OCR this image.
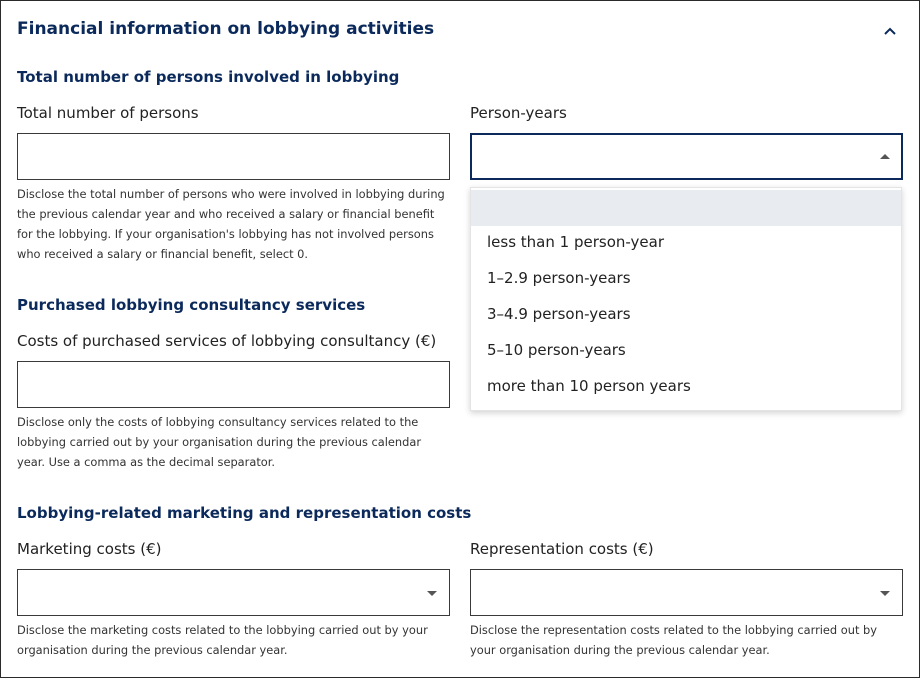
Financial information on lobbying activities
Total number of persons involved in lobbying
Total number of persons
Disclose the total number of persons who were involved in lobbying during the previous calendar year and who received a salary or financial benefit for the lobbying. If your organisation's lobbying has not involved persons who received a salary or financial benefit, select 0.
Person-years
less than 1 person-year
1–2.9 person-years
3–4.9 person-years
5–10 person-years
more than 10 person years
Purchased lobbying consultancy services
Costs of purchased services of lobbying consultancy (€)
Disclose only the costs of lobbying consultancy services related to the lobbying carried out by your organisation during the previous calendar year. Use a comma as the decimal separator.
Lobbying-related marketing and representation costs
Marketing costs (€)
Disclose the marketing costs related to the lobbying carried out by your organisation during the previous calendar year.
Representation costs (€)
Disclose the representation costs related to the lobbying carried out by your organisation during the previous calendar year.
